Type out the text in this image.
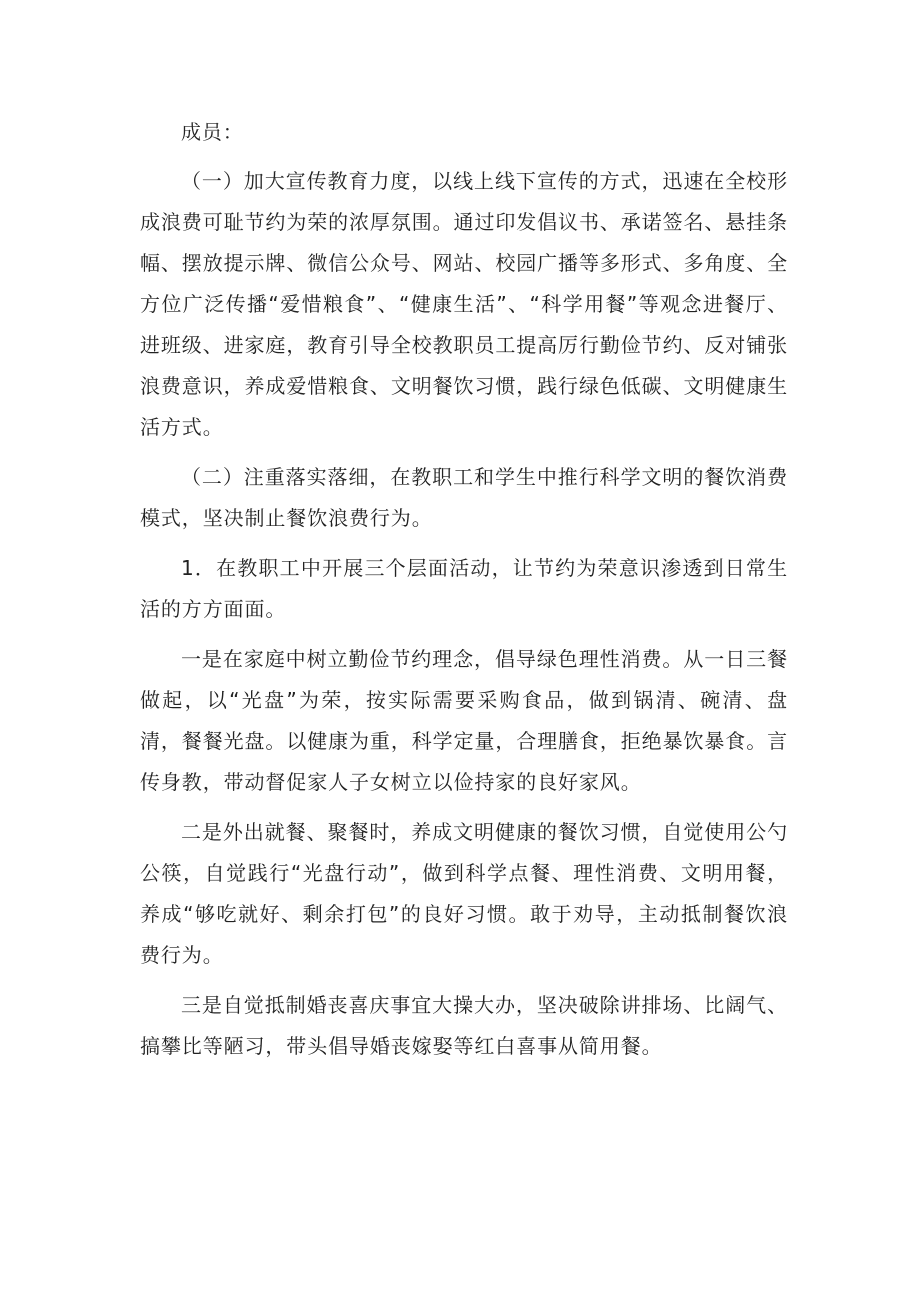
成员：

（一）加大宣传教育力度，以线上线下宣传的方式，迅速在全校形成浪费可耻节约为荣的浓厚氛围。通过印发倡议书、承诺签名、悬挂条幅、摆放提示牌、微信公众号、网站、校园广播等多形式、多角度、全方位广泛传播“爱惜粮食”、“健康生活”、“科学用餐”等观念进餐厅、进班级、进家庭，教育引导全校教职员工提高厉行勤俭节约、反对铺张浪费意识，养成爱惜粮食、文明餐饮习惯，践行绿色低碳、文明健康生活方式。

（二）注重落实落细，在教职工和学生中推行科学文明的餐饮消费模式，坚决制止餐饮浪费行为。

1．在教职工中开展三个层面活动，让节约为荣意识渗透到日常生活的方方面面。

一是在家庭中树立勤俭节约理念，倡导绿色理性消费。从一日三餐做起，以“光盘”为荣，按实际需要采购食品，做到锅清、碗清、盘清，餐餐光盘。以健康为重，科学定量，合理膳食，拒绝暴饮暴食。言传身教，带动督促家人子女树立以俭持家的良好家风。

二是外出就餐、聚餐时，养成文明健康的餐饮习惯，自觉使用公勺公筷，自觉践行“光盘行动”，做到科学点餐、理性消费、文明用餐，养成“够吃就好、剩余打包”的良好习惯。敢于劝导，主动抵制餐饮浪费行为。

三是自觉抵制婚丧喜庆事宜大操大办，坚决破除讲排场、比阔气、搞攀比等陋习，带头倡导婚丧嫁娶等红白喜事从简用餐。
